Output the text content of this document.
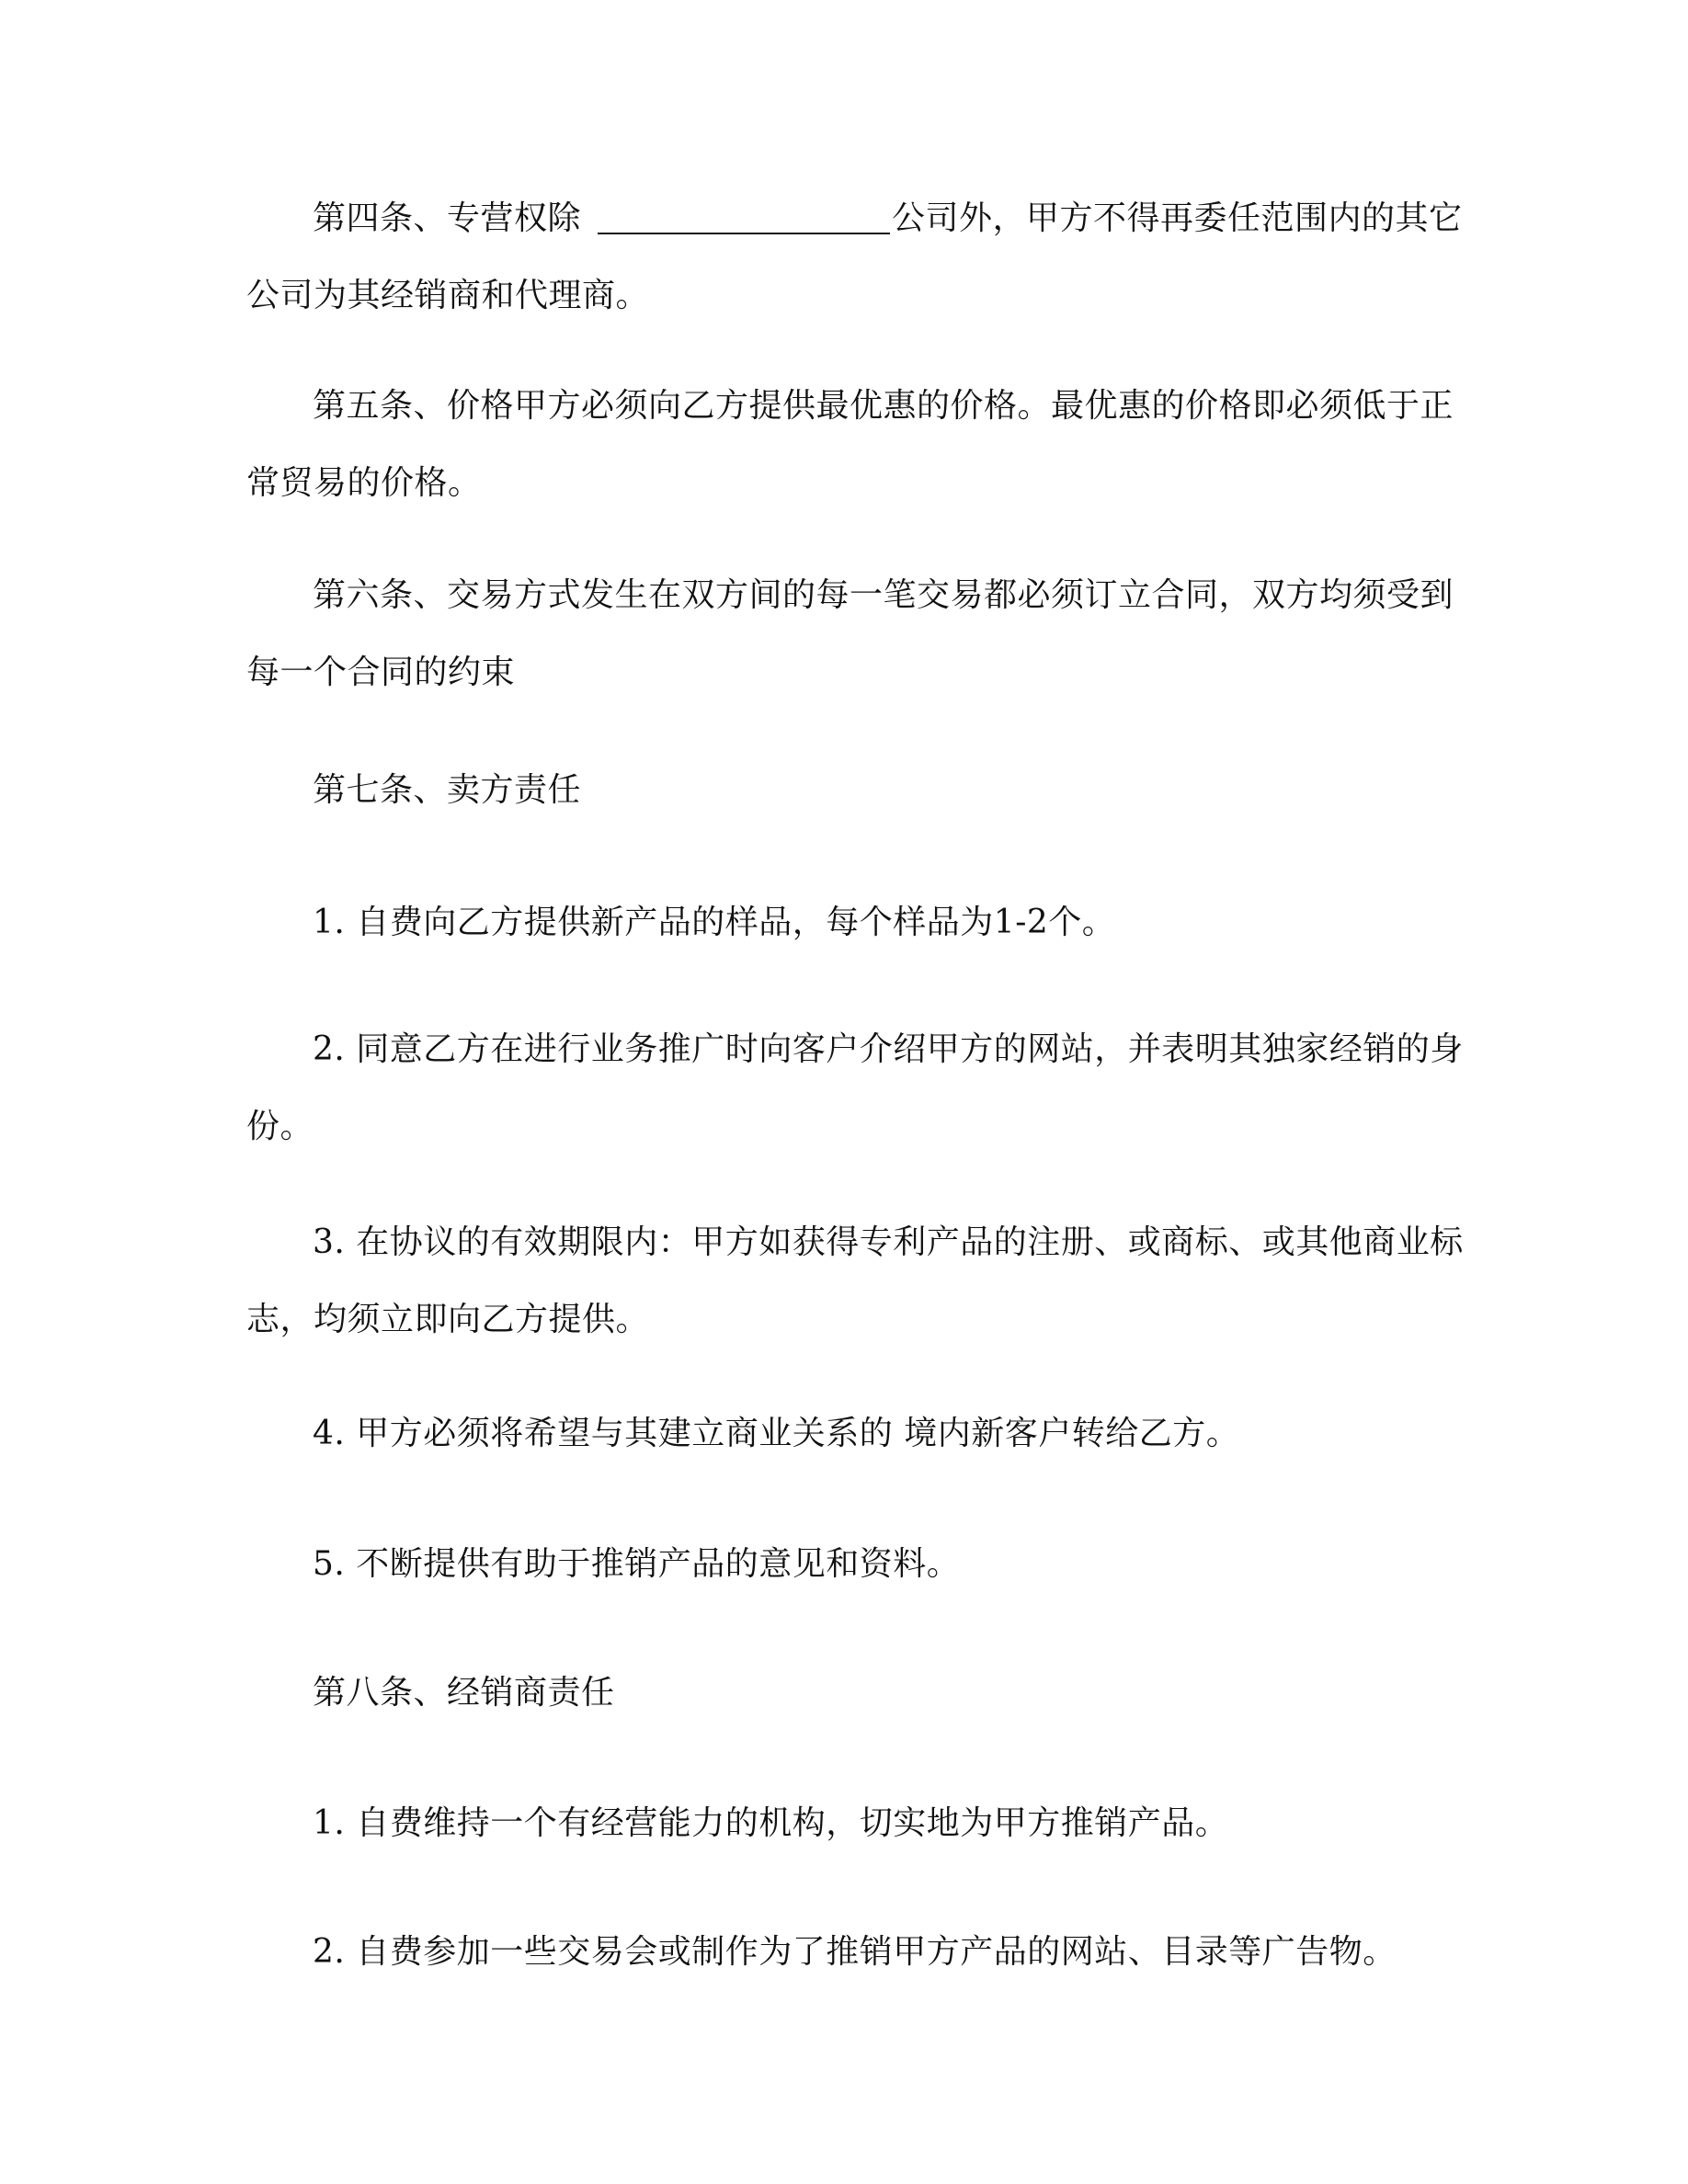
第四条、专营权除	公司外，甲方不得再委任范围内的其它
公司为其经销商和代理商。
第五条、价格甲方必须向乙方提供最优惠的价格。最优惠的价格即必须低于正
常贸易的价格。
第六条、交易方式发生在双方间的每一笔交易都必须订立合同，双方均须受到
每一个合同的约束
第七条、卖方责任
1. 自费向乙方提供新产品的样品，每个样品为1-2个。
2. 同意乙方在进行业务推广时向客户介绍甲方的网站，并表明其独家经销的身
份。
3. 在协议的有效期限内：甲方如获得专利产品的注册、或商标、或其他商业标
志，均须立即向乙方提供。
4. 甲方必须将希望与其建立商业关系的 境内新客户转给乙方。
5. 不断提供有助于推销产品的意见和资料。
第八条、经销商责任
1. 自费维持一个有经营能力的机构，切实地为甲方推销产品。
2. 自费参加一些交易会或制作为了推销甲方产品的网站、目录等广告物。
